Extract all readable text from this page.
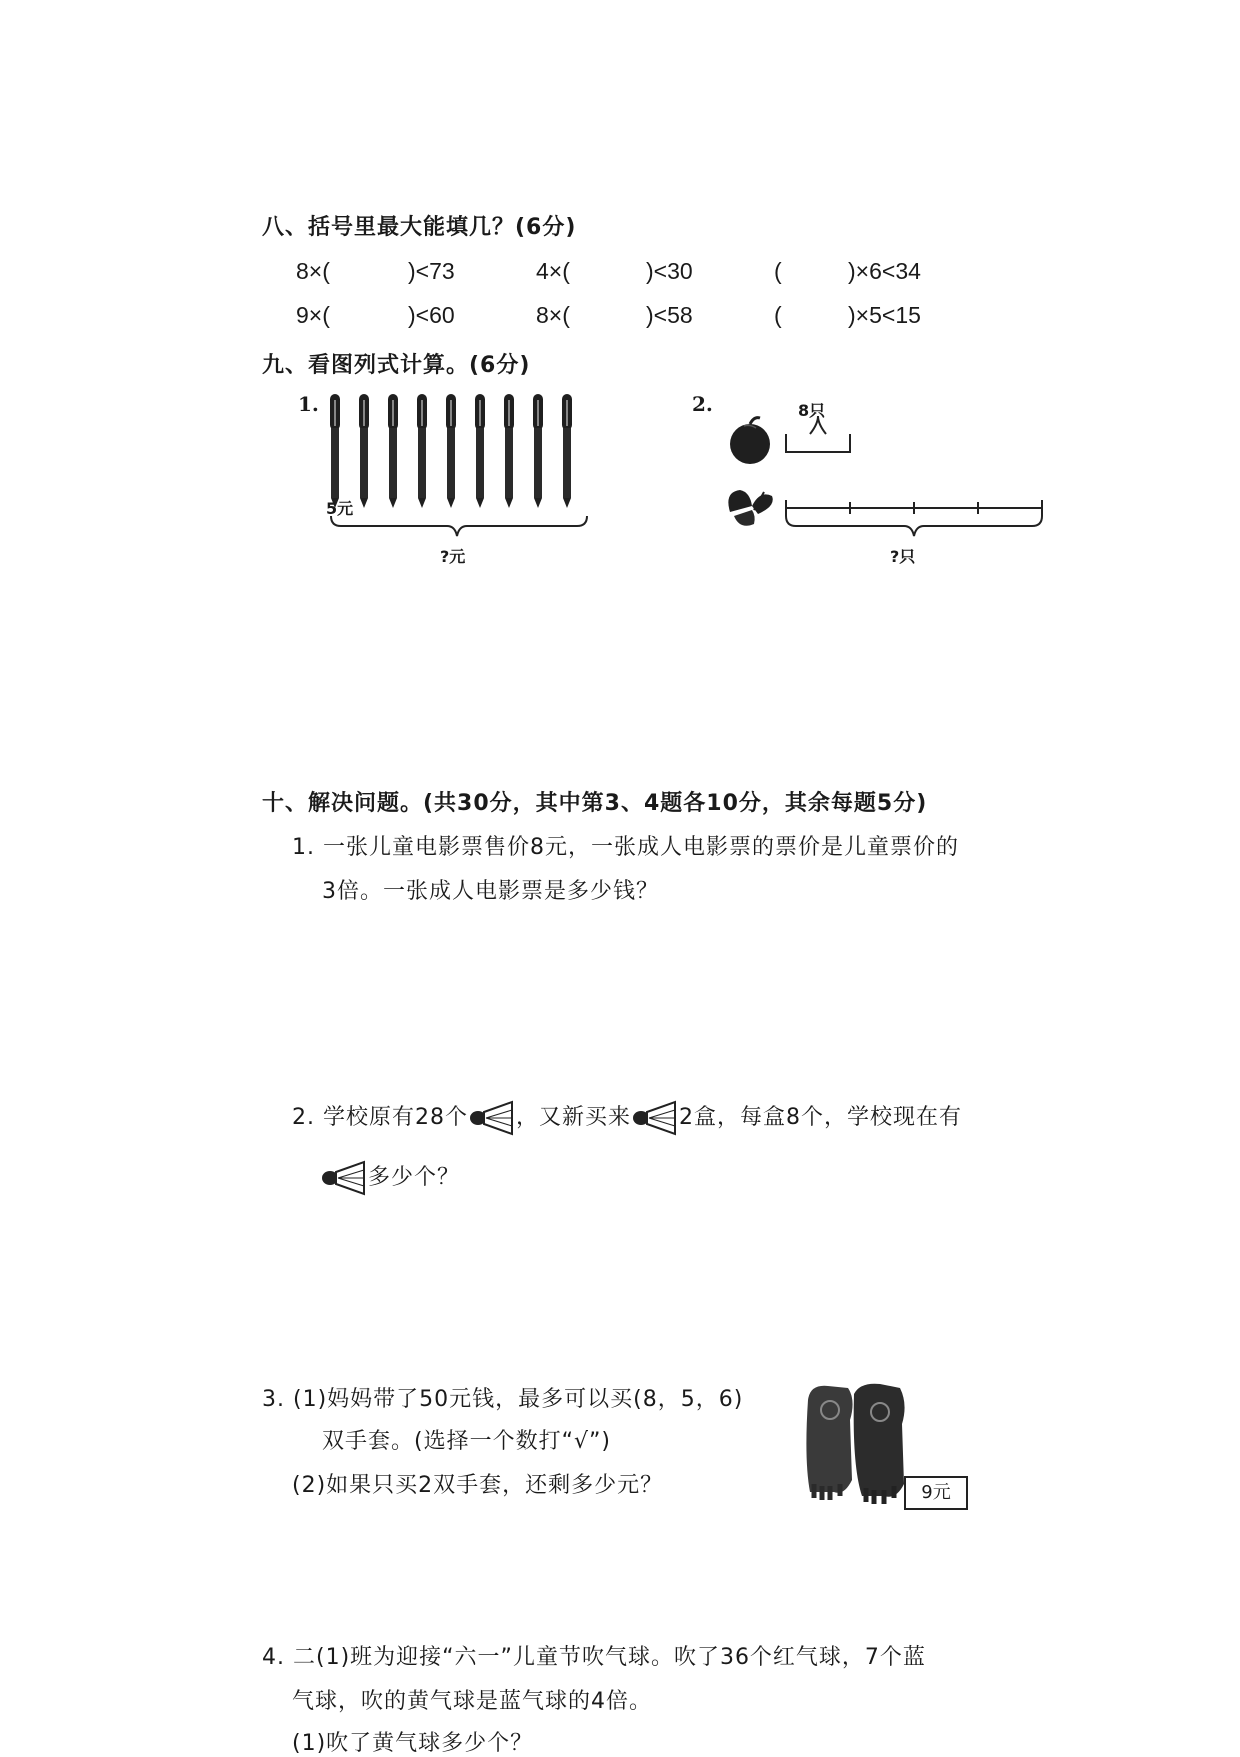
八、括号里最大能填几？(6分)
8×(	)<73	4×(	)<30	(	)×6<34
9×(	)<60	8×(	)<58	(	)×5<15
九、看图列式计算。(6分)
1.
5元
?元
2.	8只
?只
十、解决问题。(共30分，其中第3、4题各10分，其余每题5分)
1. 一张儿童电影票售价8元，一张成人电影票的票价是儿童票价的
3倍。一张成人电影票是多少钱？
2. 学校原有28个 ，又新买来 2盒，每盒8个，学校现在有
多少个？
3. (1)妈妈带了50元钱，最多可以买(8，5，6)
双手套。(选择一个数打“√”)
(2)如果只买2双手套，还剩多少元？	9元
4. 二(1)班为迎接“六一”儿童节吹气球。吹了36个红气球，7个蓝
气球，吹的黄气球是蓝气球的4倍。
(1)吹了黄气球多少个？
